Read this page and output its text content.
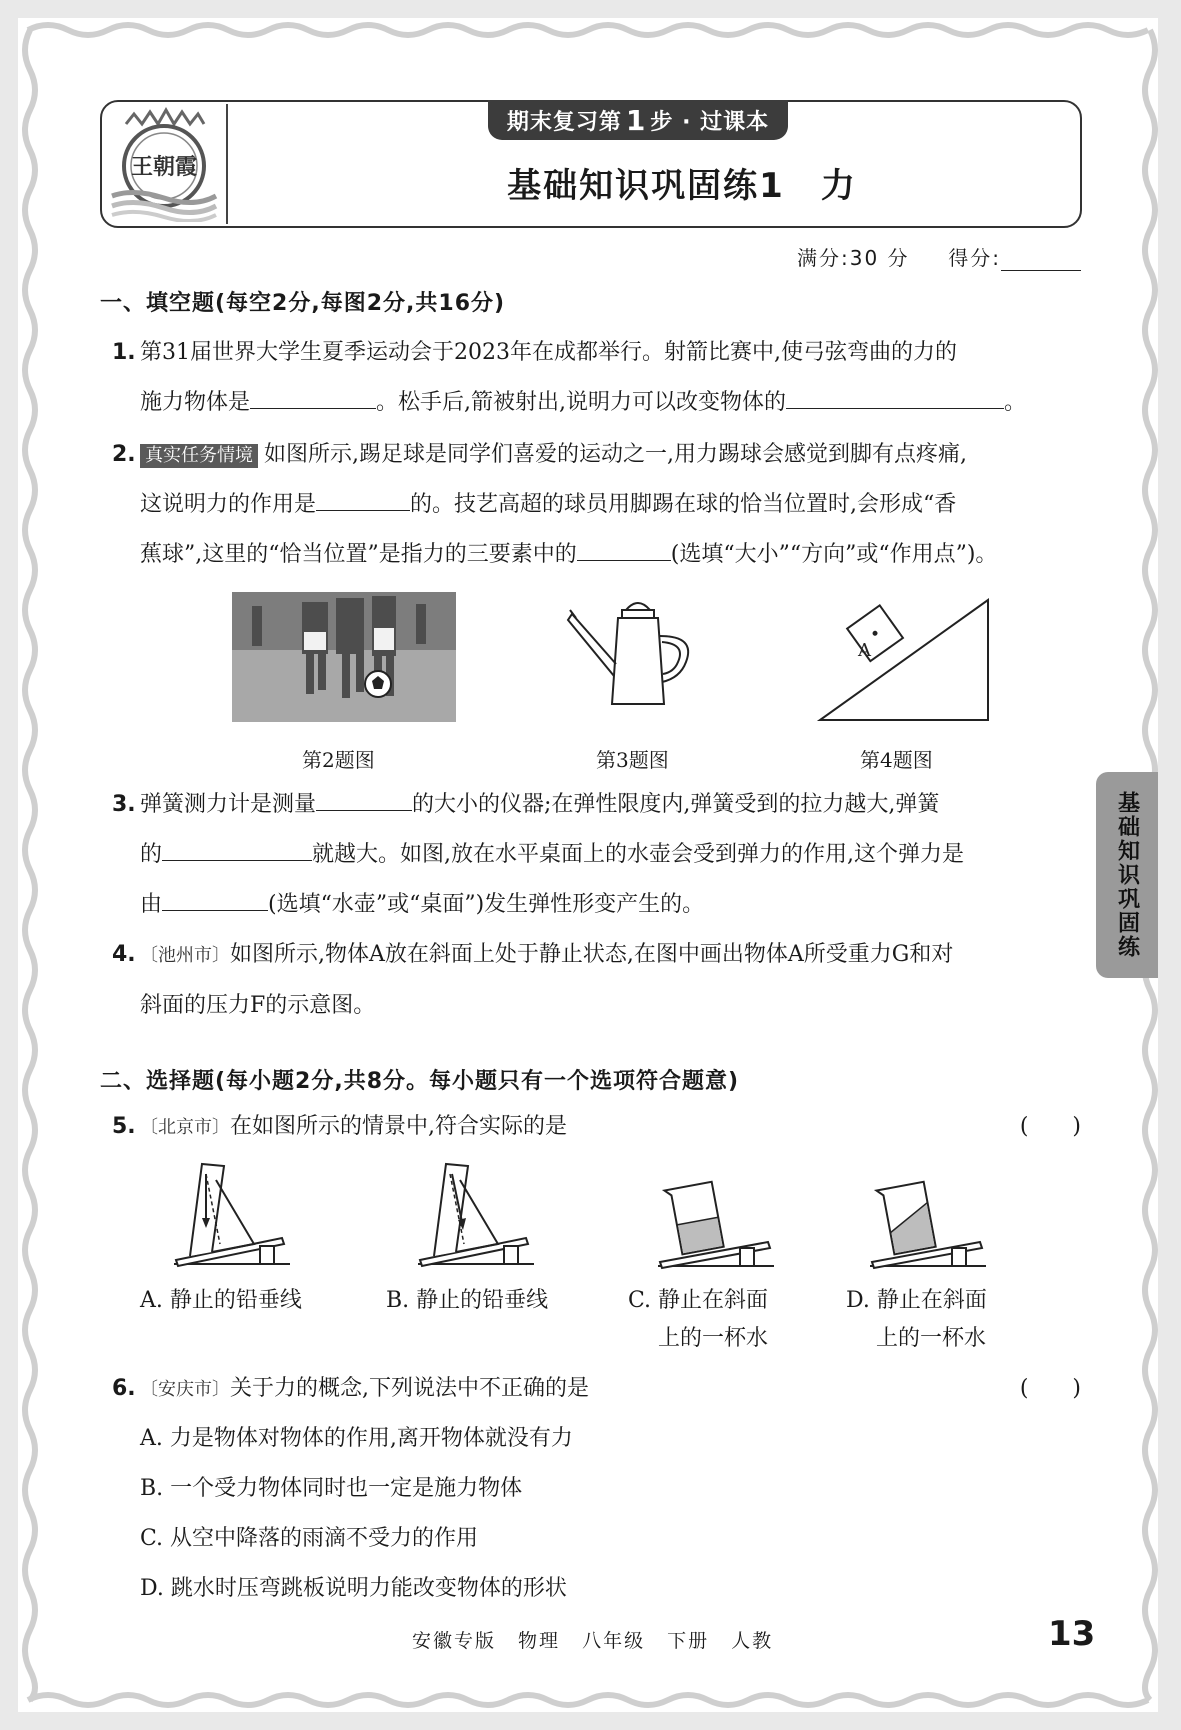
王朝霞
期末复习第 1 步 · 过课本
基础知识巩固练1　力
满分:30 分 得分:
一、填空题(每空2分,每图2分,共16分)
1. 第31届世界大学生夏季运动会于2023年在成都举行。射箭比赛中,使弓弦弯曲的力的
施力物体是	。松手后,箭被射出,说明力可以改变物体的	。
2. 真实任务情境 如图所示,踢足球是同学们喜爱的运动之一,用力踢球会感觉到脚有点疼痛,
这说明力的作用是	的。技艺高超的球员用脚踢在球的恰当位置时,会形成“香
蕉球”,这里的“恰当位置”是指力的三要素中的	(选填“大小”“方向”或“作用点”)。
A
第2题图	第3题图	第4题图
3. 弹簧测力计是测量	的大小的仪器;在弹性限度内,弹簧受到的拉力越大,弹簧
的	就越大。如图,放在水平桌面上的水壶会受到弹力的作用,这个弹力是
由	(选填“水壶”或“桌面”)发生弹性形变产生的。
4. 〔池州市〕如图所示,物体A放在斜面上处于静止状态,在图中画出物体A所受重力G和对
斜面的压力F的示意图。
二、选择题(每小题2分,共8分。每小题只有一个选项符合题意)
5. 〔北京市〕在如图所示的情景中,符合实际的是	(　　)
A. 静止的铅垂线	B. 静止的铅垂线	C. 静止在斜面
上的一杯水
D. 静止在斜面
上的一杯水
6. 〔安庆市〕关于力的概念,下列说法中不正确的是	(　　)
A. 力是物体对物体的作用,离开物体就没有力
B. 一个受力物体同时也一定是施力物体
C. 从空中降落的雨滴不受力的作用
D. 跳水时压弯跳板说明力能改变物体的形状
基础知识巩固练
安徽专版 物理 八年级 下册 人教	13
